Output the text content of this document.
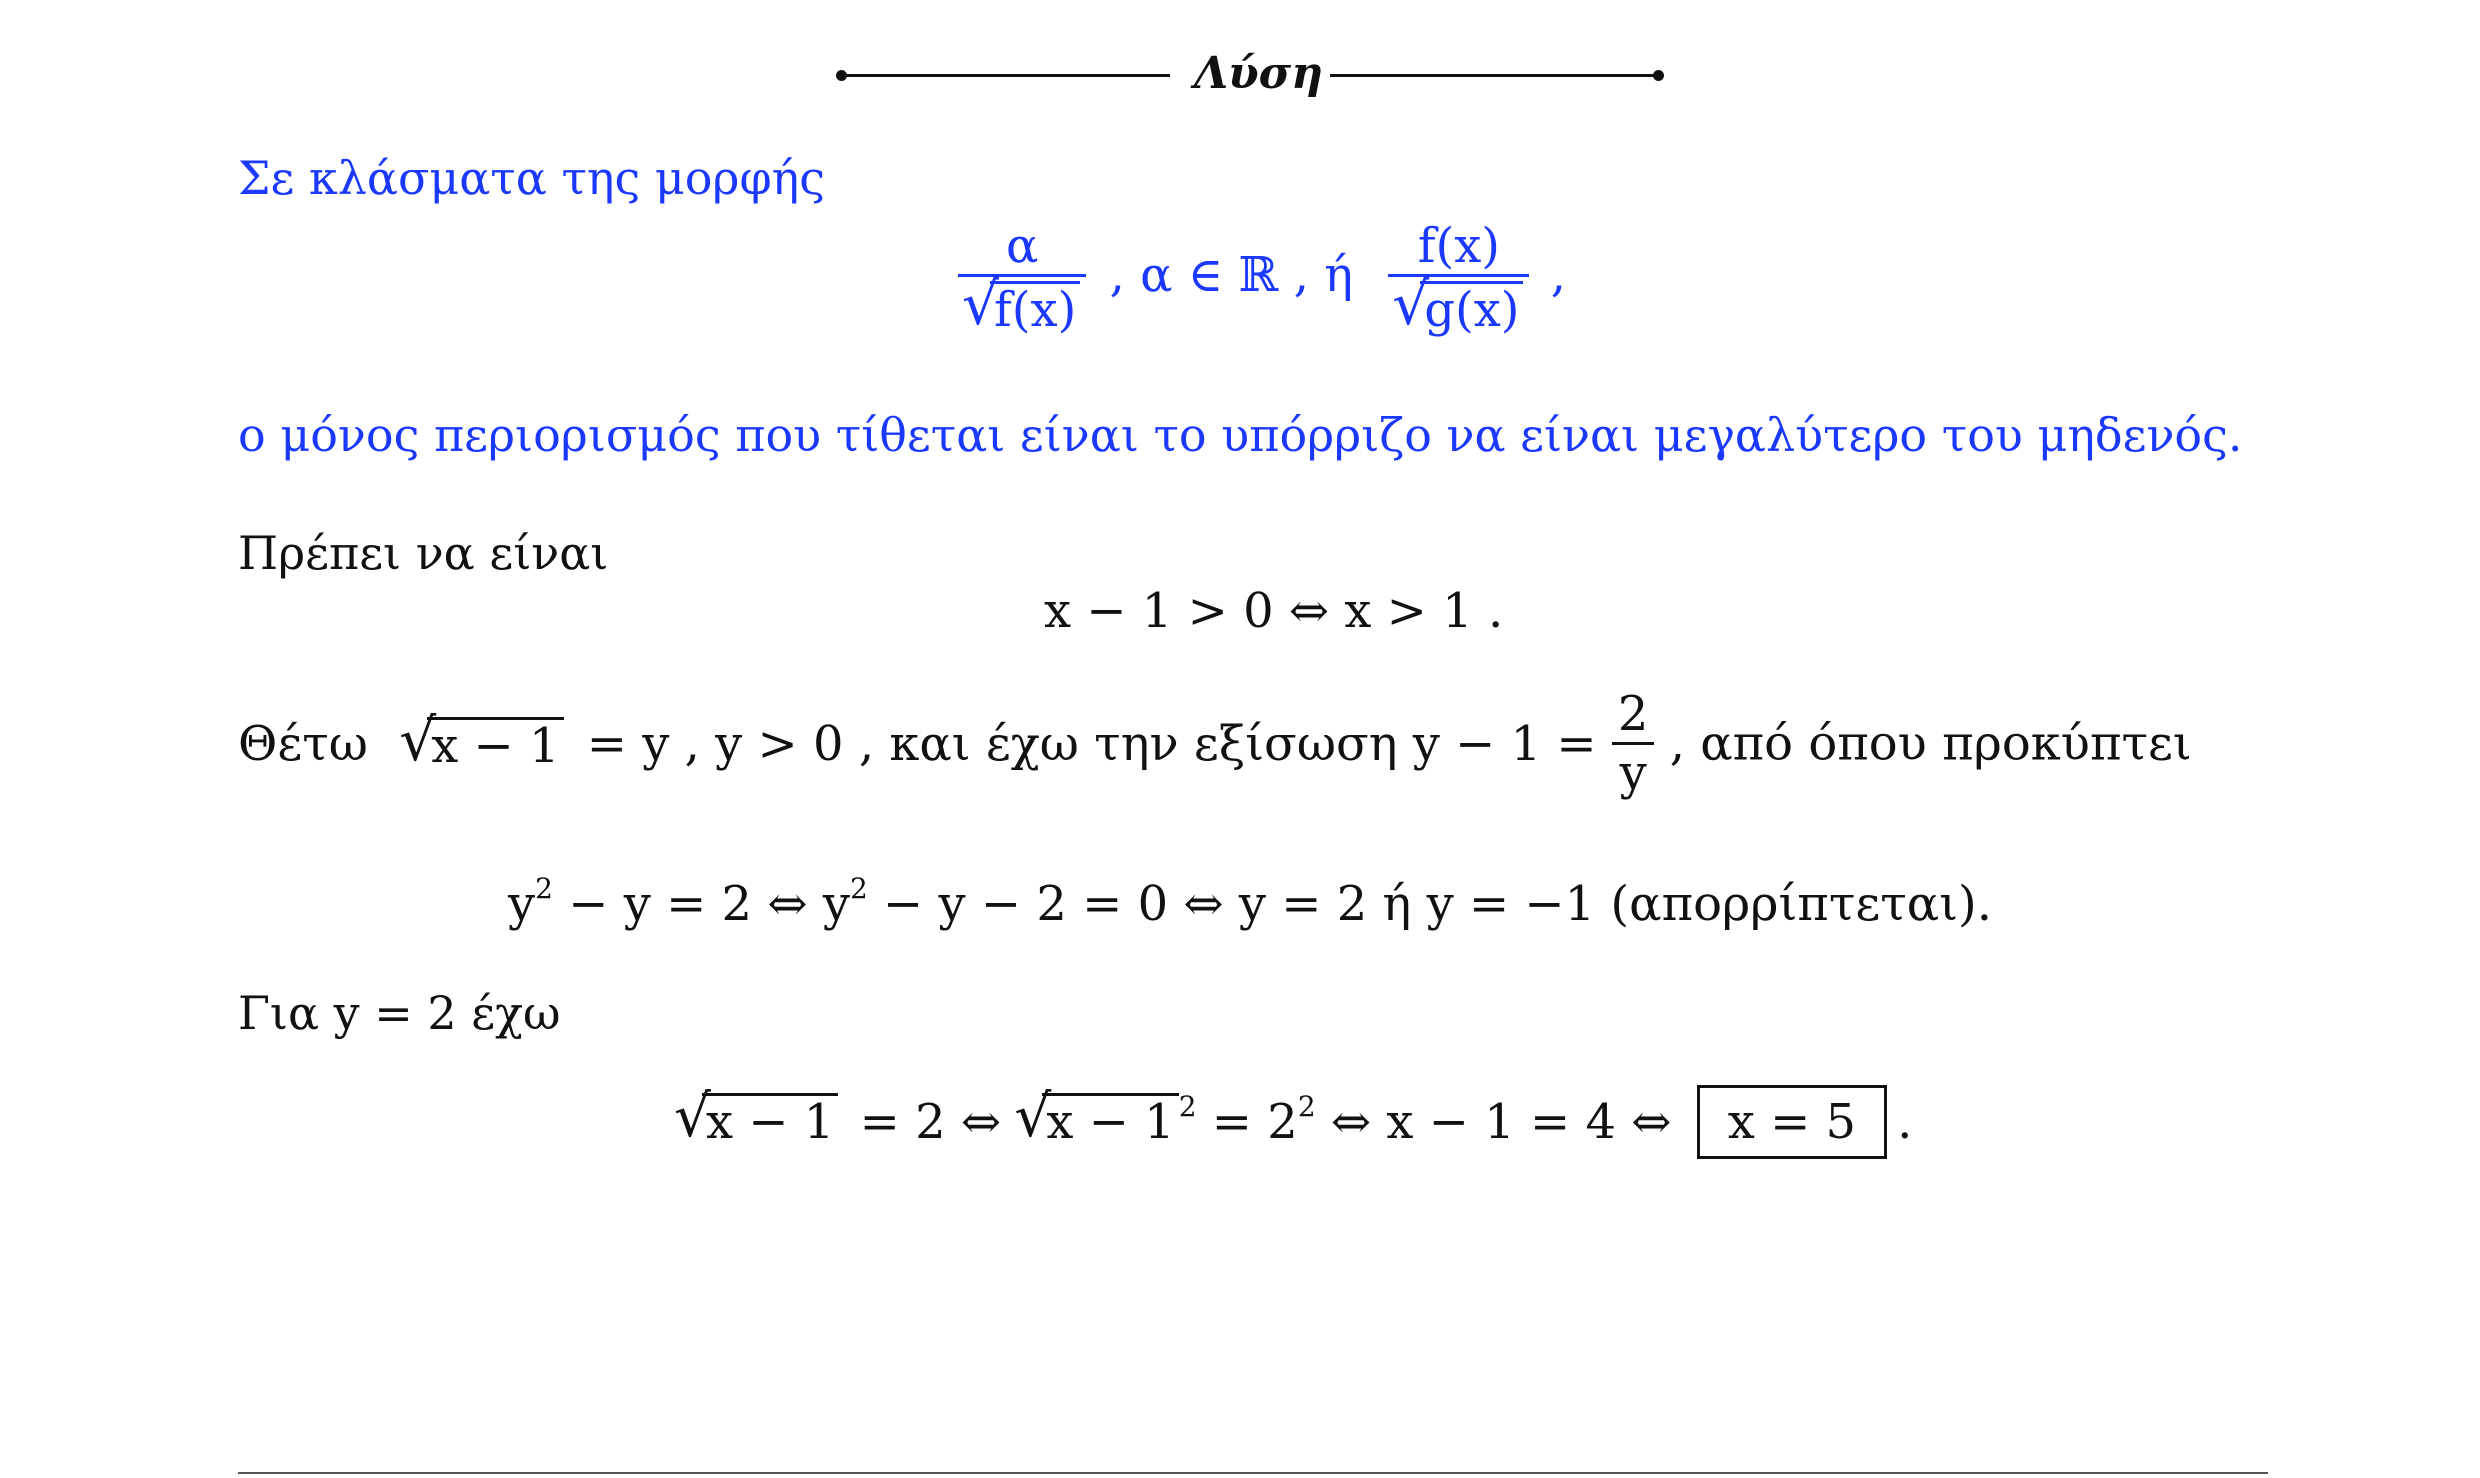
Λύση
Σε κλάσματα της μορφής
α
√ f(x) , α ∈ ℝ , ή f(x)
√ g(x) ,
ο μόνος περιορισμός που τίθεται είναι το υπόρριζο να είναι μεγαλύτερο του μηδενός.
Πρέπει να είναι
x − 1 > 0 ⇔ x > 1 .
Θέτω √ x − 1 = y , y > 0 , και έχω την εξίσωση $y - 1 = \frac{2}{y}$ , από όπου προκύπτει
$y^2 - y = 2$ ⇔ $y^2 - y - 2 = 0$ ⇔ y = 2 ή y = −1 (απορρίπτεται).
Για y = 2 έχω
√ x − 1 = 2 ⇔ √ x − 1 $^2 = 2^2$ ⇔ x − 1 = 4 ⇔ x = 5 .
